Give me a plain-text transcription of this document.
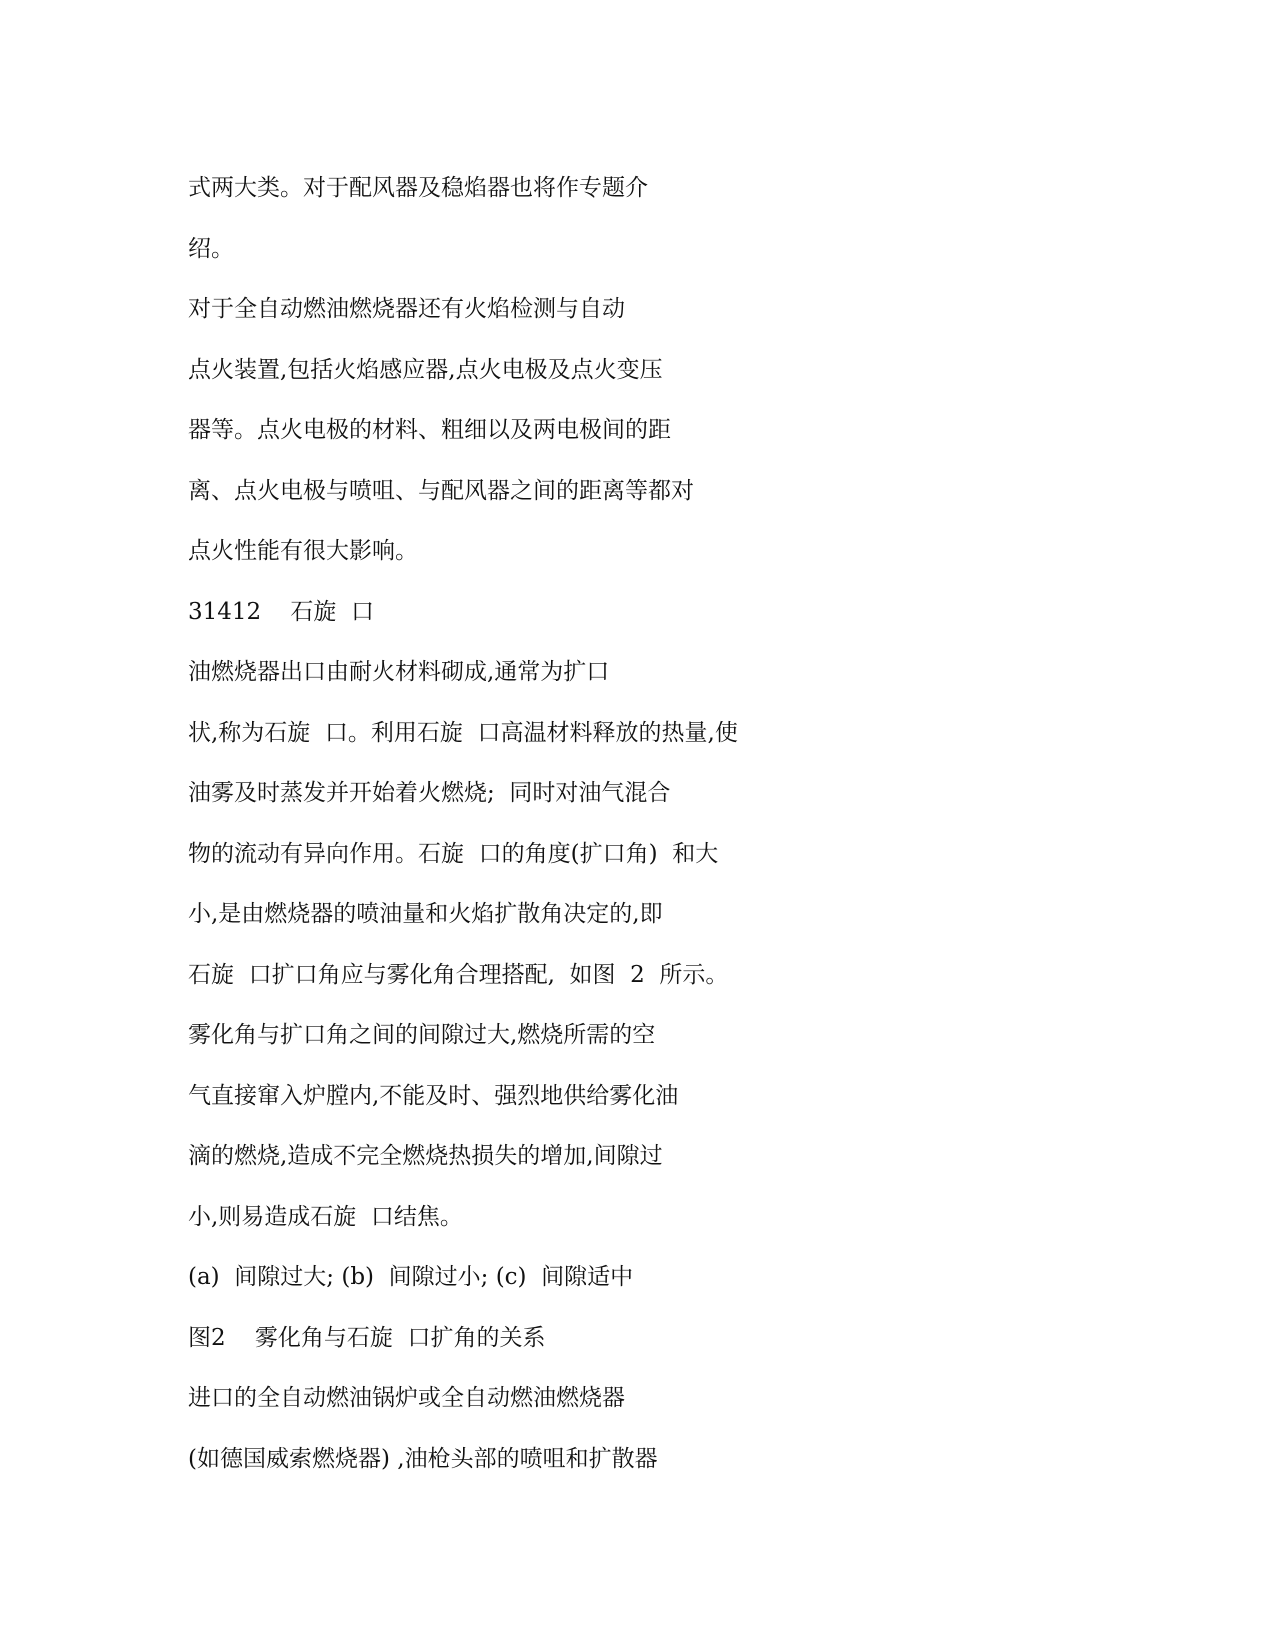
式两大类。对于配风器及稳焰器也将作专题介
绍。
对于全自动燃油燃烧器还有火焰检测与自动
点火装置,包括火焰感应器,点火电极及点火变压
器等。点火电极的材料、粗细以及两电极间的距
离、点火电极与喷咀、与配风器之间的距离等都对
点火性能有很大影响。
31412    石旋  口
油燃烧器出口由耐火材料砌成,通常为扩口
状,称为石旋  口。利用石旋  口高温材料释放的热量,使
油雾及时蒸发并开始着火燃烧;  同时对油气混合
物的流动有异向作用。石旋  口的角度(扩口角)  和大
小,是由燃烧器的喷油量和火焰扩散角决定的,即
石旋  口扩口角应与雾化角合理搭配,  如图  2  所示。
雾化角与扩口角之间的间隙过大,燃烧所需的空
气直接窜入炉膛内,不能及时、强烈地供给雾化油
滴的燃烧,造成不完全燃烧热损失的增加,间隙过
小,则易造成石旋  口结焦。
(a)  间隙过大; (b)  间隙过小; (c)  间隙适中
图2    雾化角与石旋  口扩角的关系
进口的全自动燃油锅炉或全自动燃油燃烧器
(如德国威索燃烧器) ,油枪头部的喷咀和扩散器
